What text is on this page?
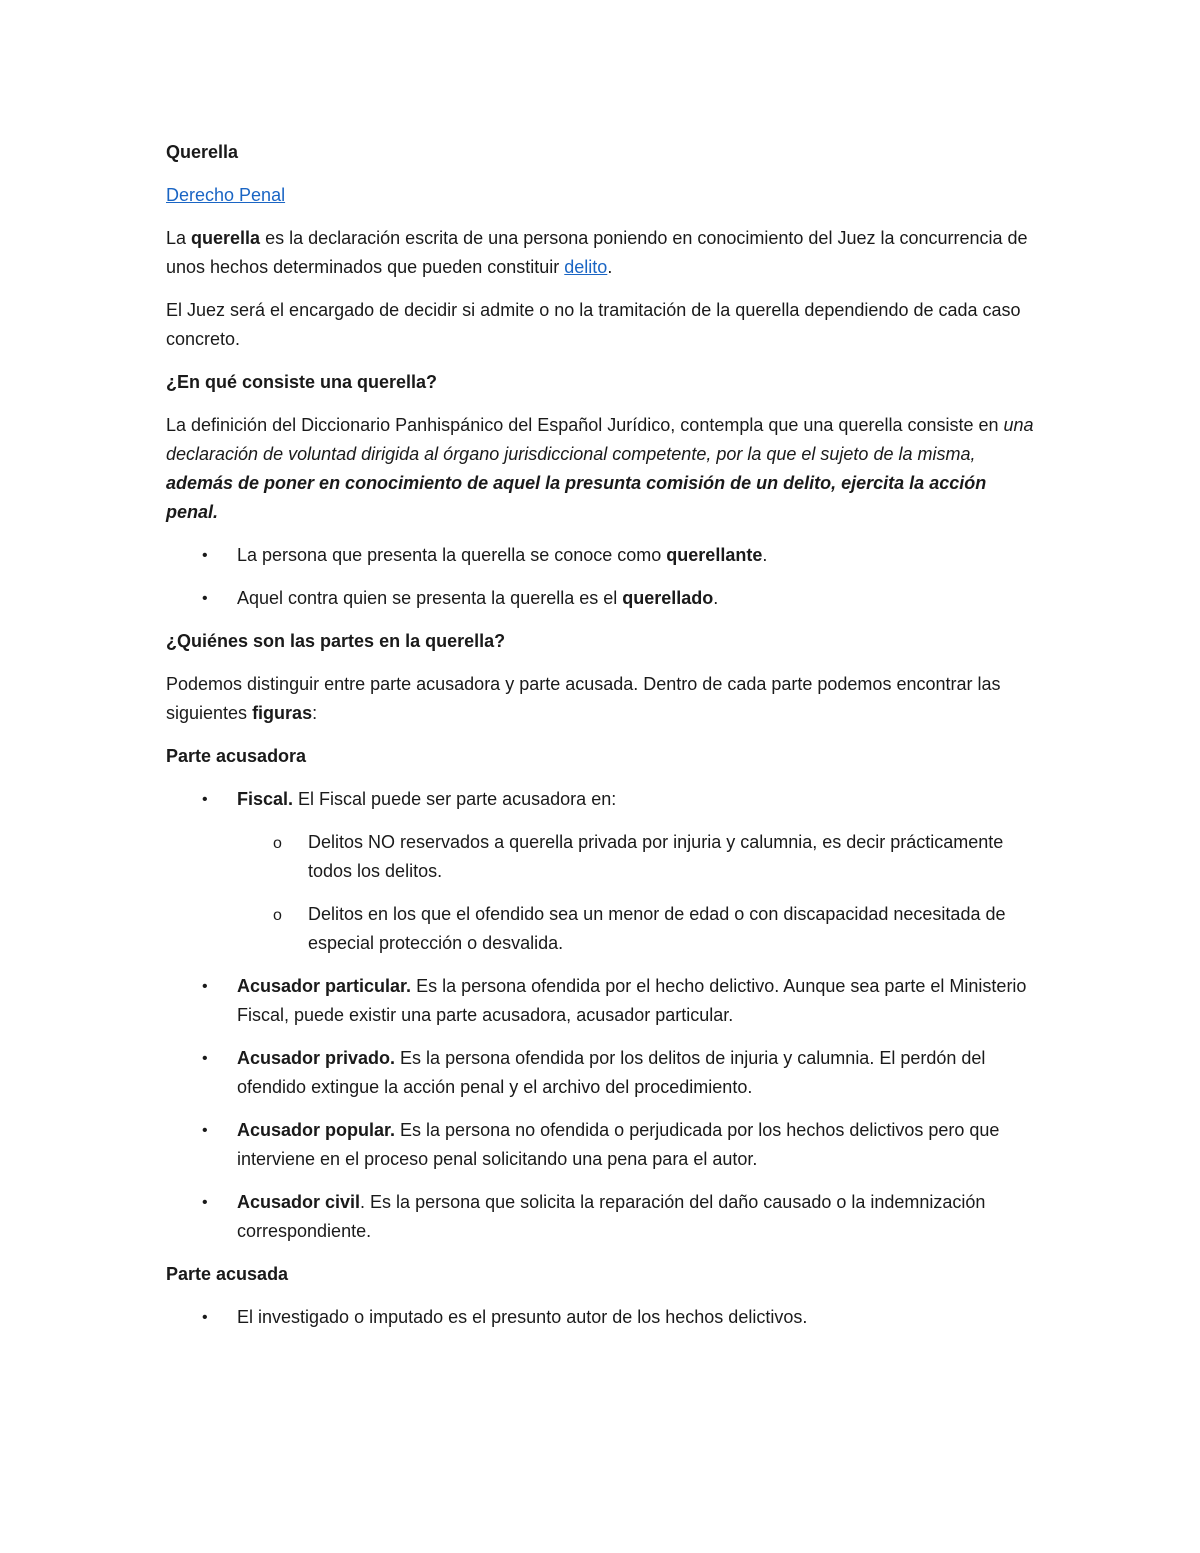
Querella

Derecho Penal

La querella es la declaración escrita de una persona poniendo en conocimiento del Juez la concurrencia de unos hechos determinados que pueden constituir delito.

El Juez será el encargado de decidir si admite o no la tramitación de la querella dependiendo de cada caso concreto.

¿En qué consiste una querella?

La definición del Diccionario Panhispánico del Español Jurídico, contempla que una querella consiste en una declaración de voluntad dirigida al órgano jurisdiccional competente, por la que el sujeto de la misma, además de poner en conocimiento de aquel la presunta comisión de un delito, ejercita la acción penal.

• La persona que presenta la querella se conoce como querellante.
• Aquel contra quien se presenta la querella es el querellado.

¿Quiénes son las partes en la querella?

Podemos distinguir entre parte acusadora y parte acusada. Dentro de cada parte podemos encontrar las siguientes figuras:

Parte acusadora

• Fiscal. El Fiscal puede ser parte acusadora en:
o Delitos NO reservados a querella privada por injuria y calumnia, es decir prácticamente todos los delitos.
o Delitos en los que el ofendido sea un menor de edad o con discapacidad necesitada de especial protección o desvalida.
• Acusador particular. Es la persona ofendida por el hecho delictivo. Aunque sea parte el Ministerio Fiscal, puede existir una parte acusadora, acusador particular.
• Acusador privado. Es la persona ofendida por los delitos de injuria y calumnia. El perdón del ofendido extingue la acción penal y el archivo del procedimiento.
• Acusador popular. Es la persona no ofendida o perjudicada por los hechos delictivos pero que interviene en el proceso penal solicitando una pena para el autor.
• Acusador civil. Es la persona que solicita la reparación del daño causado o la indemnización correspondiente.

Parte acusada

• El investigado o imputado es el presunto autor de los hechos delictivos.
